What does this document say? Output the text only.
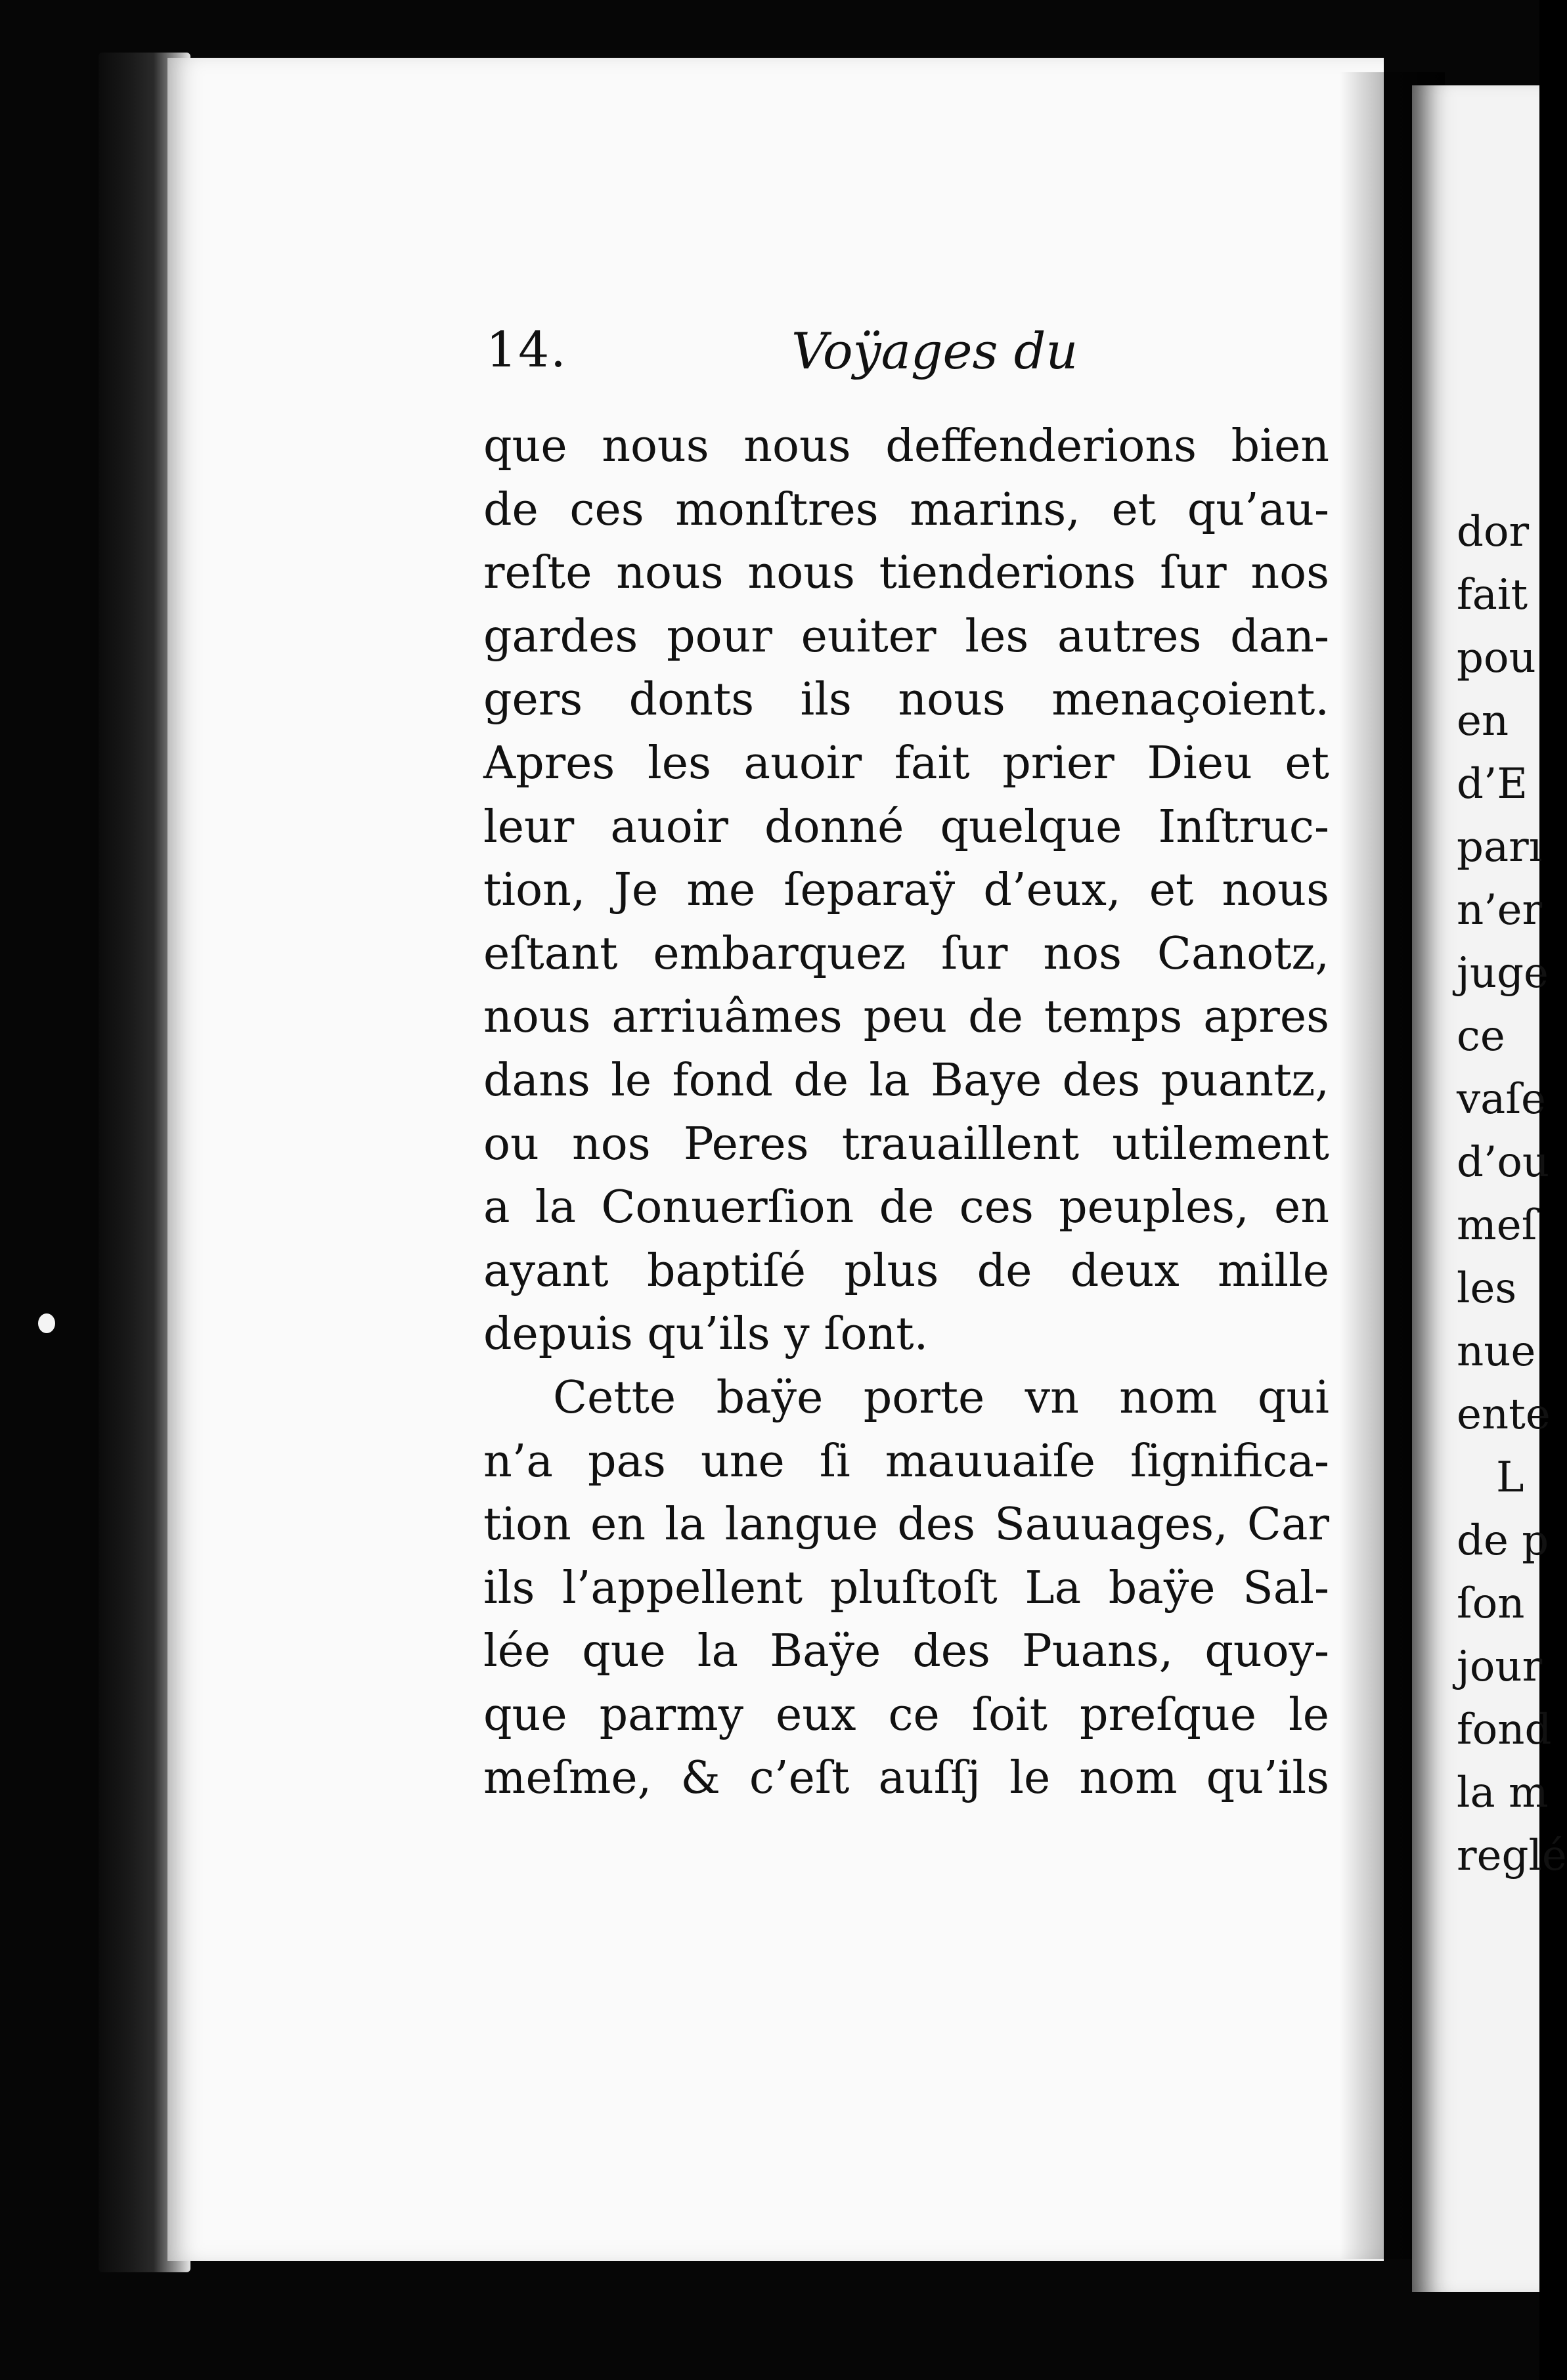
14.	Voÿages du
que nous nous deffenderions bien
de ces monſtres marins, et qu’au-
reſte nous nous tienderions ſur nos
gardes pour euiter les autres dan-
gers donts ils nous menaçoient.
Apres les auoir fait prier Dieu et
leur auoir donné quelque Inſtruc-
tion, Je me ſeparaÿ d’eux, et nous
eſtant embarquez ſur nos Canotz,
nous arriuâmes peu de temps apres
dans le fond de la Baye des puantz,
ou nos Peres trauaillent utilement
a la Conuerſion de ces peuples, en
ayant baptiſé plus de deux mille
depuis qu’ils y ſont.
Cette baÿe porte vn nom qui
n’a pas une ſi mauuaiſe ſignifica-
tion en la langue des Sauuages, Car
ils l’appellent pluſtoſt La baÿe Sal-
lée que la Baÿe des Puans, quoy-
que parmy eux ce ſoit preſque le
meſme, & c’eſt auſſj le nom qu’ils
dor
fait
pou
en
d’E
parı
n’er
juge
ce
vaſe
d’ou
meſ
les
nue
ente
L
de p
ſon
jour
fond
la m
reglé
